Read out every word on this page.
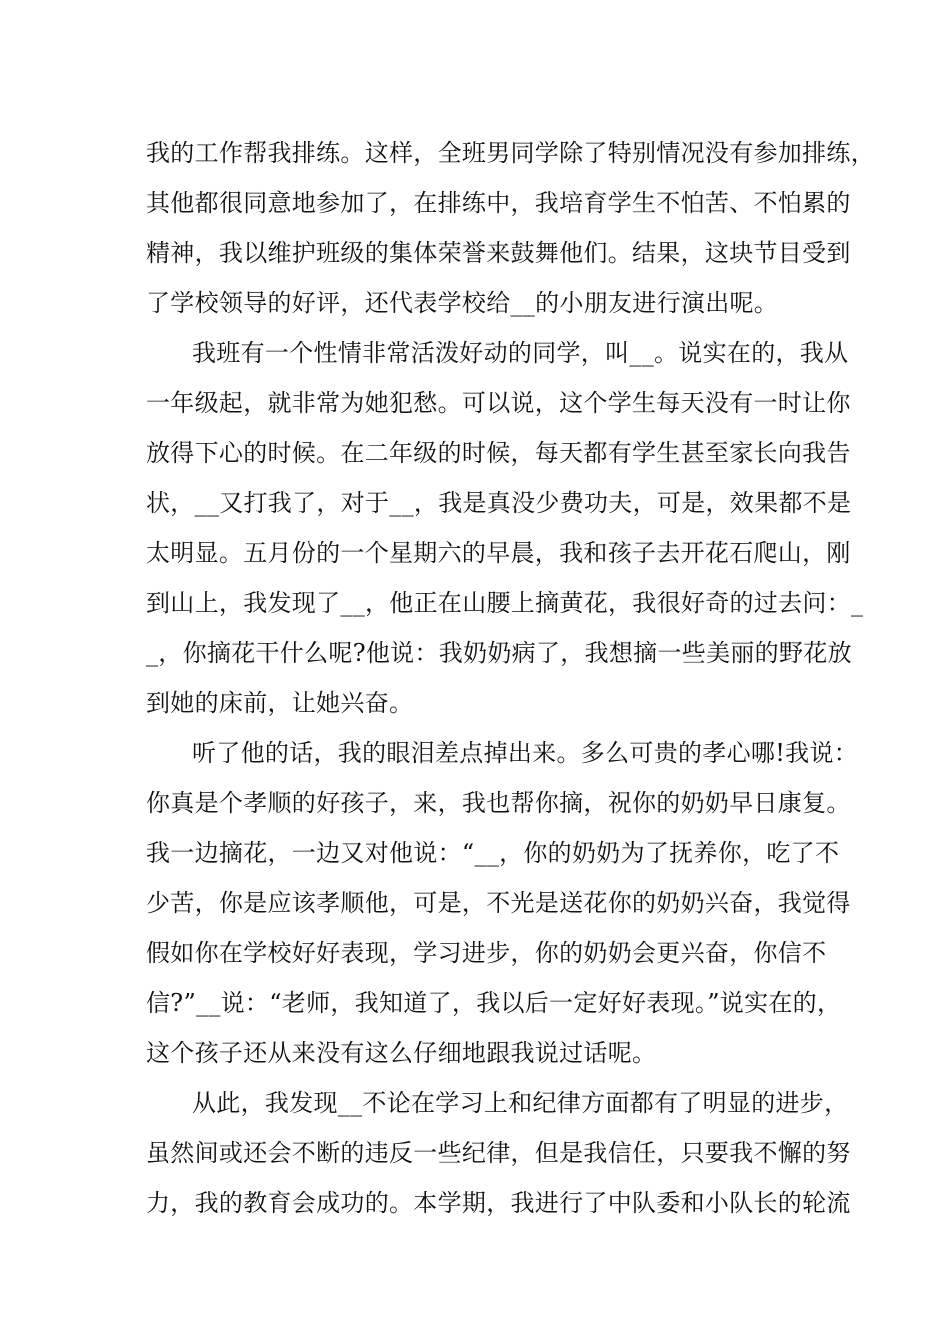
我的工作帮我排练。这样，全班男同学除了特别情况没有参加排练，
其他都很同意地参加了，在排练中，我培育学生不怕苦、不怕累的
精神，我以维护班级的集体荣誉来鼓舞他们。结果，这块节目受到
了学校领导的好评，还代表学校给__的小朋友进行演出呢。
我班有一个性情非常活泼好动的同学，叫__。说实在的，我从
一年级起，就非常为她犯愁。可以说，这个学生每天没有一时让你
放得下心的时候。在二年级的时候，每天都有学生甚至家长向我告
状，__又打我了，对于__，我是真没少费功夫，可是，效果都不是
太明显。五月份的一个星期六的早晨，我和孩子去开花石爬山，刚
到山上，我发现了__，他正在山腰上摘黄花，我很好奇的过去问：_
_，你摘花干什么呢?他说：我奶奶病了，我想摘一些美丽的野花放
到她的床前，让她兴奋。
听了他的话，我的眼泪差点掉出来。多么可贵的孝心哪!我说：
你真是个孝顺的好孩子，来，我也帮你摘，祝你的奶奶早日康复。
我一边摘花，一边又对他说：“__，你的奶奶为了抚养你，吃了不
少苦，你是应该孝顺他，可是，不光是送花你的奶奶兴奋，我觉得
假如你在学校好好表现，学习进步，你的奶奶会更兴奋，你信不
信?”__说：“老师，我知道了，我以后一定好好表现。”说实在的，
这个孩子还从来没有这么仔细地跟我说过话呢。
从此，我发现__不论在学习上和纪律方面都有了明显的进步，
虽然间或还会不断的违反一些纪律，但是我信任，只要我不懈的努
力，我的教育会成功的。本学期，我进行了中队委和小队长的轮流
